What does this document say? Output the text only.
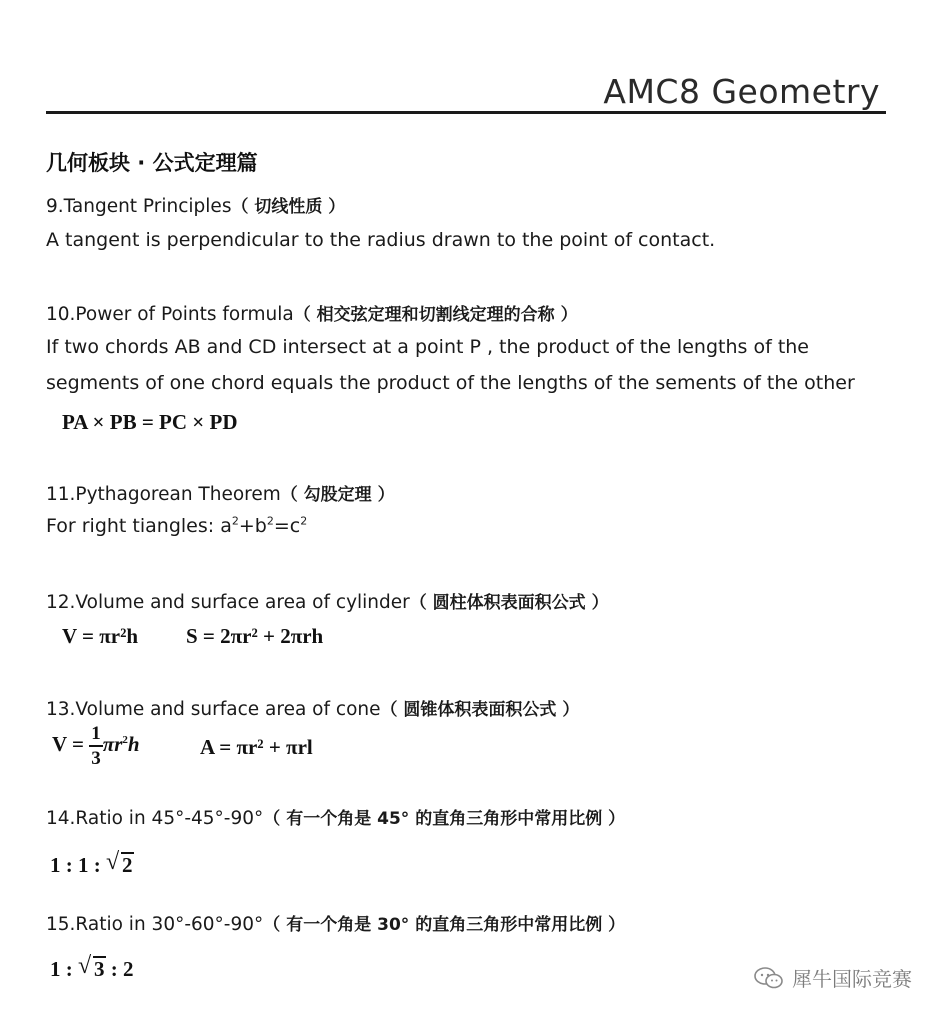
AMC8 Geometry
几何板块 · 公式定理篇
9.Tangent Principles（ 切线性质 ）
A tangent is perpendicular to the radius drawn to the point of contact.
10.Power of Points formula（ 相交弦定理和切割线定理的合称 ）
If two chords AB and CD intersect at a point P , the product of the lengths of the
segments of one chord equals the product of the lengths of the sements of the other
PA × PB = PC × PD
11.Pythagorean Theorem（ 勾股定理 ）
For right tiangles: $a^2+b^2=c^2$
12.Volume and surface area of cylinder（ 圆柱体积表面积公式 ）
V = πr²h S = 2πr² + 2πrh
13.Volume and surface area of cone（ 圆锥体积表面积公式 ）
$V = \frac{1}{3} \pi r^2h$	A = πr² + πrl
14.Ratio in 45°-45°-90°（ 有一个角是 45° 的直角三角形中常用比例 ）
1 : 1 : √ 2
15.Ratio in 30°-60°-90°（ 有一个角是 30° 的直角三角形中常用比例 ）
1 : √ 3 : 2	犀牛国际竞赛
